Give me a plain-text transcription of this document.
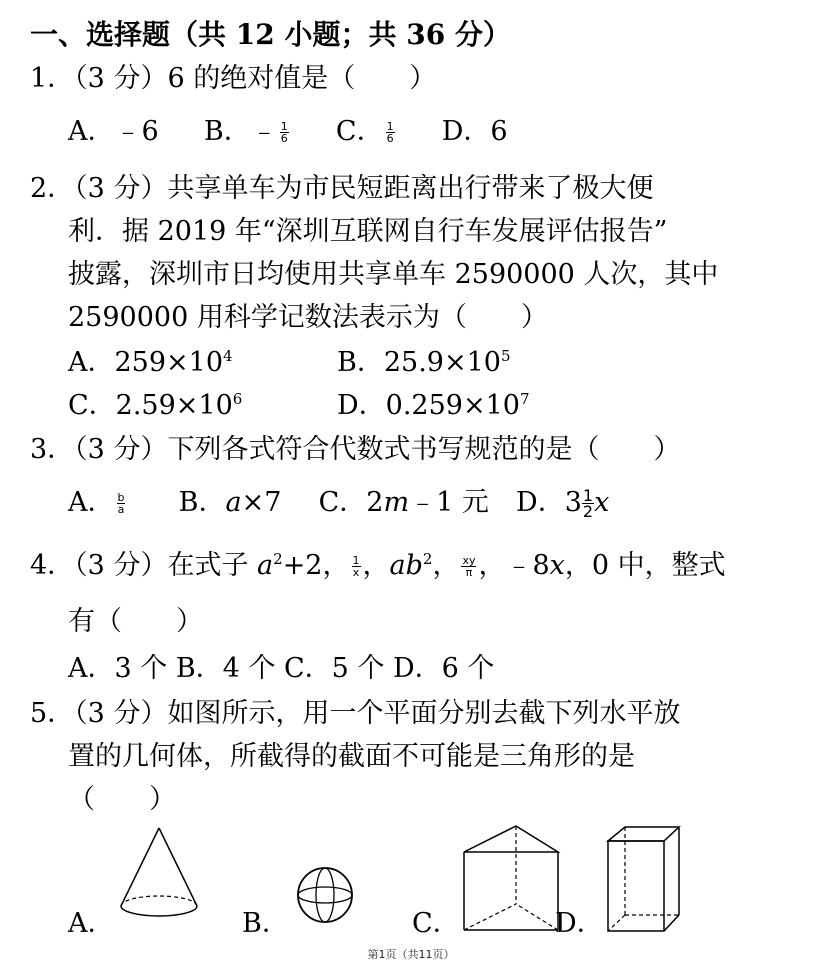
一、选择题（共 12 小题；共 36 分）
1．（3 分）6 的绝对值是（　　）
A．﹣6 B．﹣ $\frac{1}{6}$ C． $\frac{1}{6}$ D．6
2．（3 分）共享单车为市民短距离出行带来了极大便
利．据 2019 年“深圳互联网自行车发展评估报告”
披露，深圳市日均使用共享单车 2590000 人次，其中
2590000 用科学记数法表示为（　　）
A．$259\times 10^4$	B．$25.9\times 10^5$
C．$2.59\times 10^6$	D．$0.259\times 10^7$
3．（3 分）下列各式符合代数式书写规范的是（　　）
A． $\frac{b}{a}$ B．a×7 C．2m﹣1 元 D．$3 \frac{1}{2}$ x
4．（3 分）在式子 $a^2+2$， $\frac{1}{x}$ ，$ab^2$， $\frac{xy}{\pi}$ ，﹣8x，0 中，整式
有（　　）
A．3 个 B．4 个 C．5 个 D．6 个
5．（3 分）如图所示，用一个平面分别去截下列水平放
置的几何体，所截得的截面不可能是三角形的是
（　　）
A．	B．	C．	D．
第1页（共11页）
